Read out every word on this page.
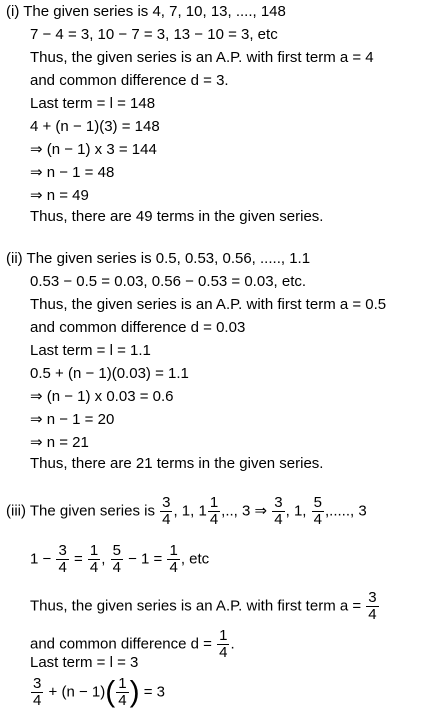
(i) The given series is 4, 7, 10, 13, ...., 148
7 − 4 = 3, 10 − 7 = 3, 13 − 10 = 3, etc
Thus, the given series is an A.P. with first term a = 4
and common difference d = 3.
Last term = l = 148
4 + (n − 1)(3) = 148
⇒ (n − 1) x 3 = 144
⇒ n − 1 = 48
⇒ n = 49
Thus, there are 49 terms in the given series.
(ii) The given series is 0.5, 0.53, 0.56, ....., 1.1
0.53 − 0.5 = 0.03, 0.56 − 0.53 = 0.03, etc.
Thus, the given series is an A.P. with first term a = 0.5
and common difference d = 0.03
Last term = l = 1.1
0.5 + (n − 1)(0.03) = 1.1
⇒ (n − 1) x 0.03 = 0.6
⇒ n − 1 = 20
⇒ n = 21
Thus, there are 21 terms in the given series.
(iii) The given series is $\frac{3}{4}$ , 1, $1 \frac{1}{4}$ ,.., 3 ⇒ $\frac{3}{4}$ , 1, $\frac{5}{4}$ ,....., 3
$1 - \frac{3}{4} = \frac{1}{4}$ , $\frac{5}{4} - 1 = \frac{1}{4}$ , etc
Thus, the given series is an A.P. with first term $a = \frac{3}{4}$
and common difference $d = \frac{1}{4}$ .
Last term = l = 3
$\frac{3}{4} + (n - 1)( \frac{1}{4}$ ) = 3
